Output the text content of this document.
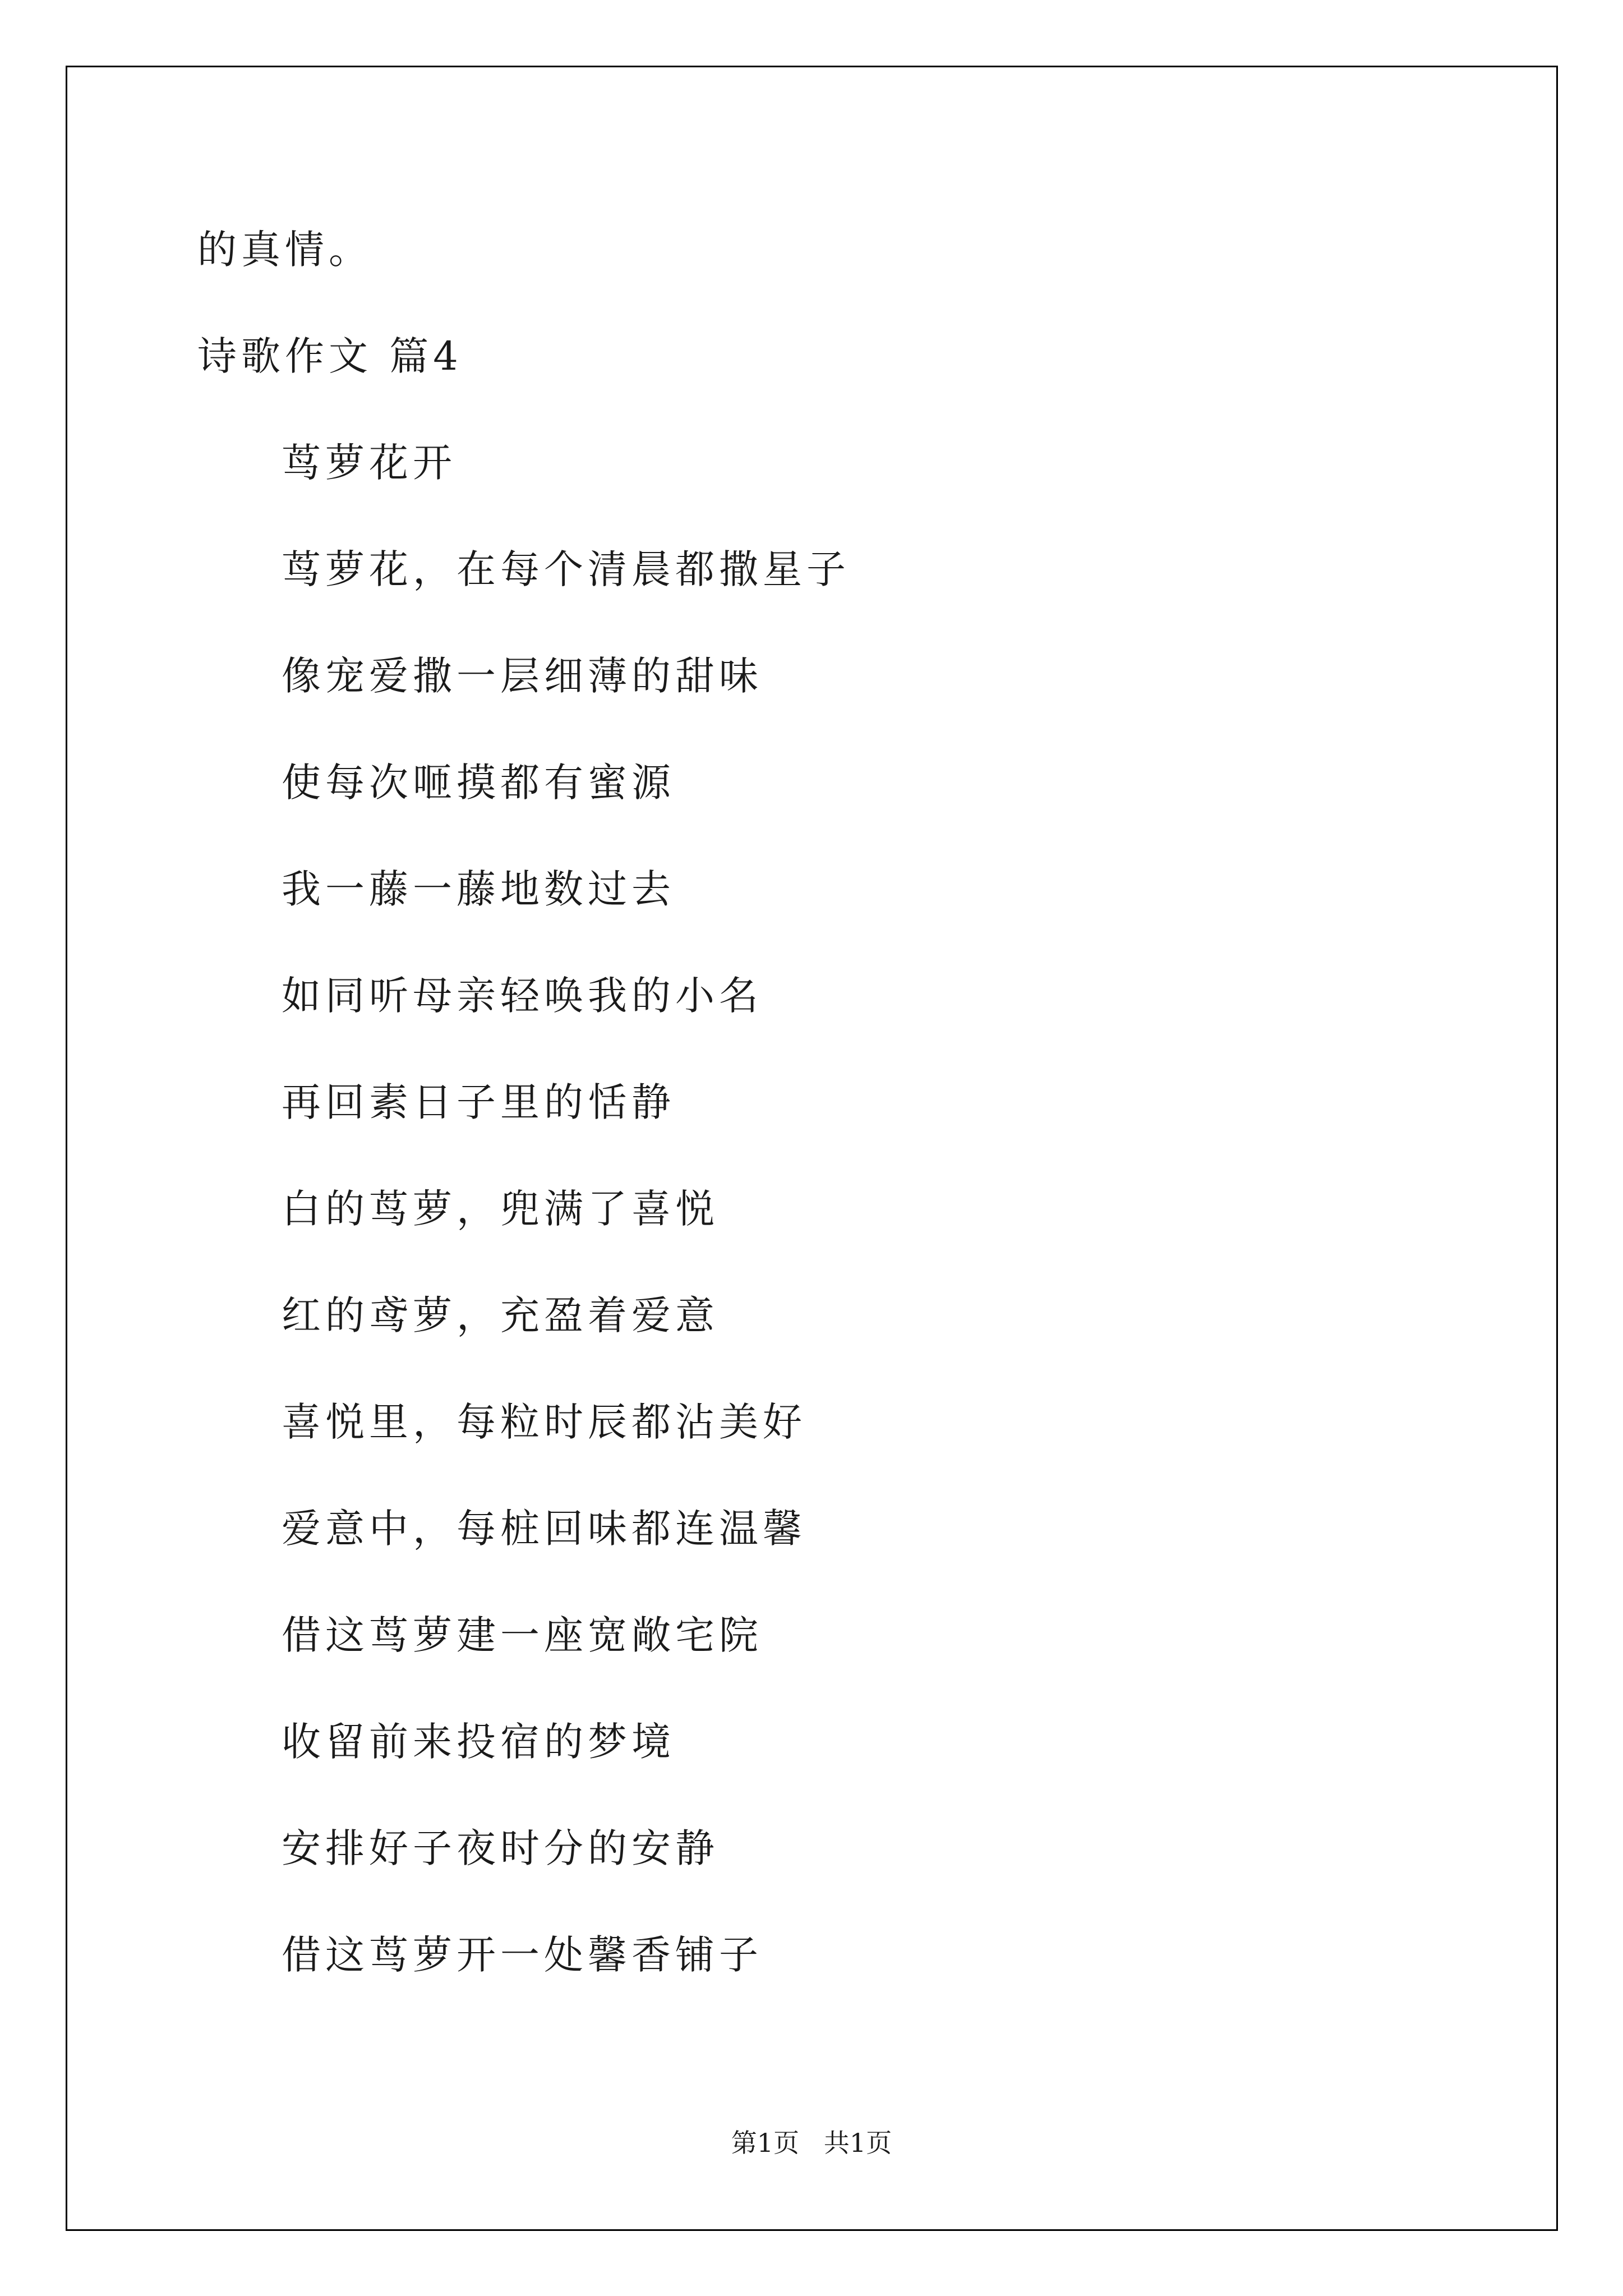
的真情。
诗歌作文 篇4
茑萝花开
茑萝花，在每个清晨都撒星子
像宠爱撒一层细薄的甜味
使每次咂摸都有蜜源
我一藤一藤地数过去
如同听母亲轻唤我的小名
再回素日子里的恬静
白的茑萝，兜满了喜悦
红的鸢萝，充盈着爱意
喜悦里，每粒时辰都沾美好
爱意中，每桩回味都连温馨
借这茑萝建一座宽敞宅院
收留前来投宿的梦境
安排好子夜时分的安静
借这茑萝开一处馨香铺子
第1页   共1页
